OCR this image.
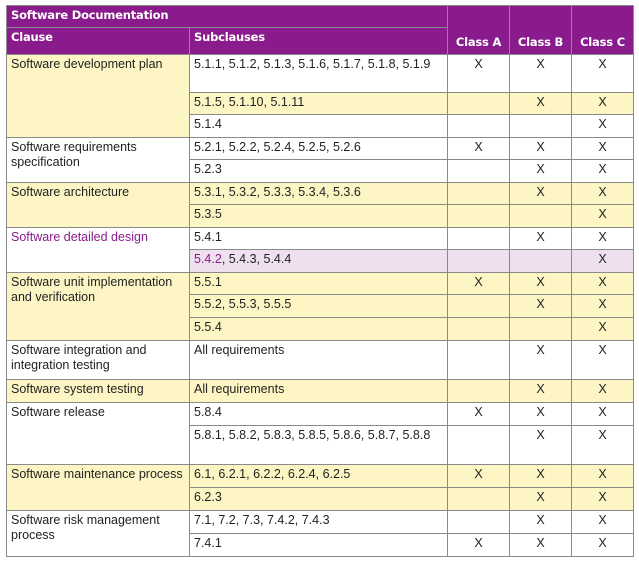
Software Documentation		Class A	Class B	Class C
Clause	Subclauses			
Software development plan	5.1.1, 5.1.2, 5.1.3, 5.1.6, 5.1.7, 5.1.8, 5.1.9	X	X	X
	5.1.5, 5.1.10, 5.1.11		X	X
	5.1.4			X
Software requirements specification	5.2.1, 5.2.2, 5.2.4, 5.2.5, 5.2.6	X	X	X
	5.2.3		X	X
Software architecture	5.3.1, 5.3.2, 5.3.3, 5.3.4, 5.3.6		X	X
	5.3.5			X
Software detailed design	5.4.1		X	X
	5.4.2, 5.4.3, 5.4.4			X
Software unit implementation and verification	5.5.1	X	X	X
	5.5.2, 5.5.3, 5.5.5		X	X
	5.5.4			X
Software integration and integration testing	All requirements		X	X
Software system testing	All requirements		X	X
Software release	5.8.4	X	X	X
	5.8.1, 5.8.2, 5.8.3, 5.8.5, 5.8.6, 5.8.7, 5.8.8		X	X
Software maintenance process	6.1, 6.2.1, 6.2.2, 6.2.4, 6.2.5	X	X	X
	6.2.3		X	X
Software risk management process	7.1, 7.2, 7.3, 7.4.2, 7.4.3		X	X
	7.4.1	X	X	X
